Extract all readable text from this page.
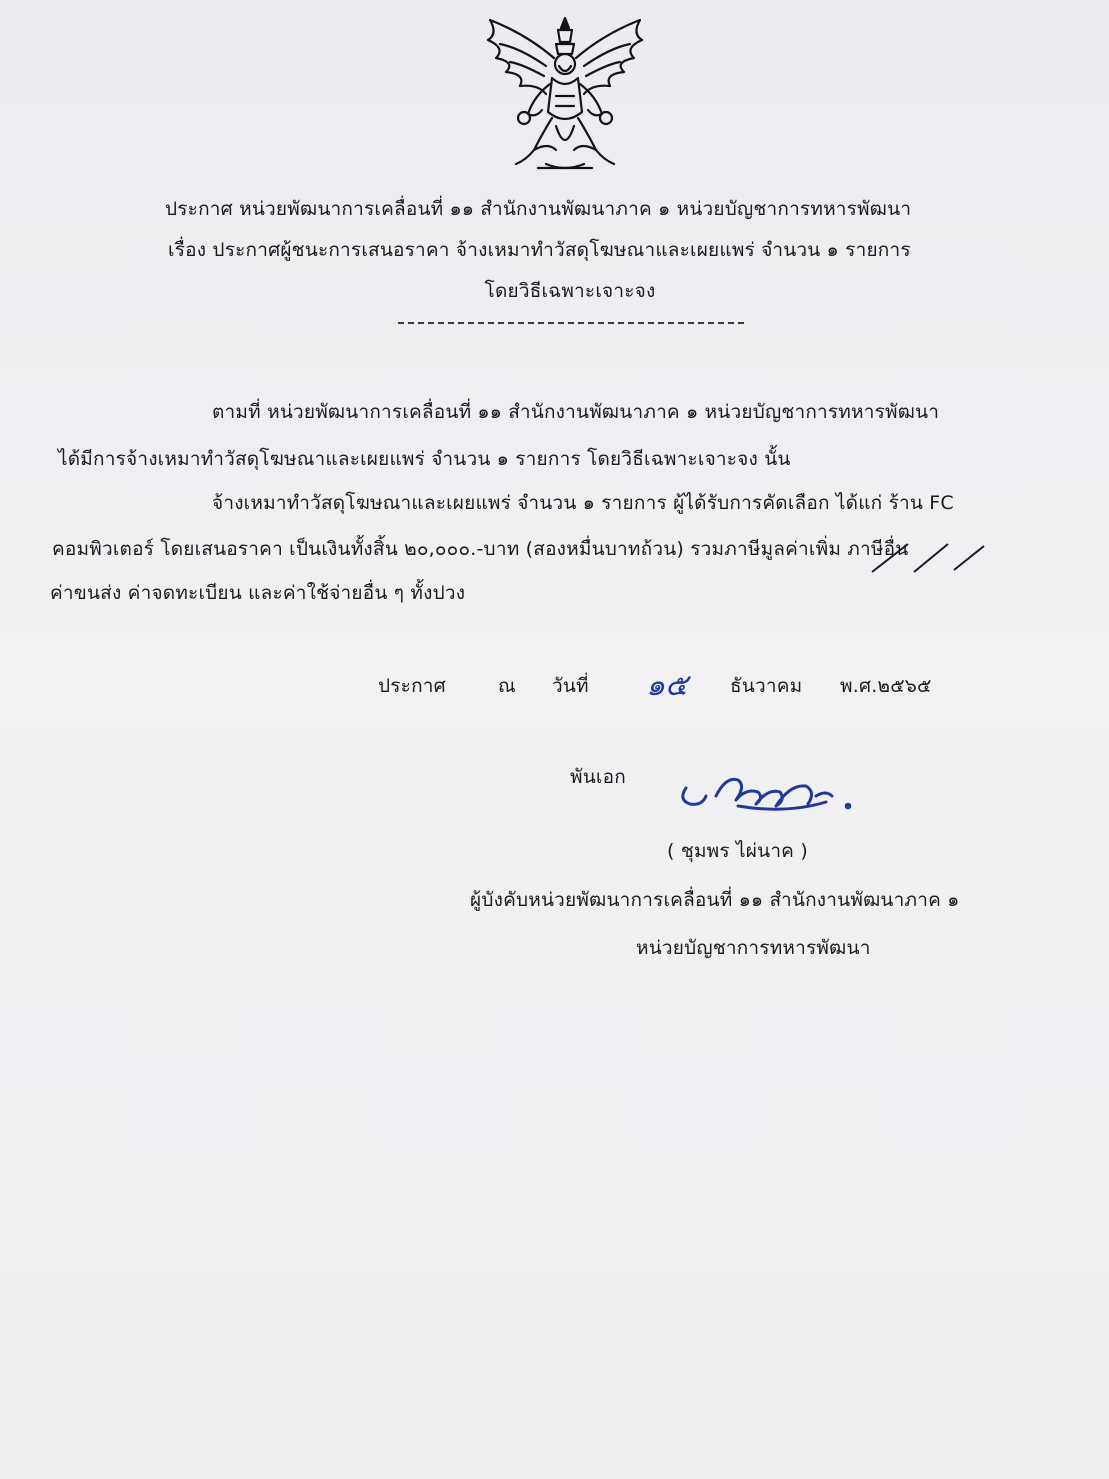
ประกาศ หน่วยพัฒนาการเคลื่อนที่ ๑๑ สำนักงานพัฒนาภาค ๑ หน่วยบัญชาการทหารพัฒนา
เรื่อง ประกาศผู้ชนะการเสนอราคา จ้างเหมาทำวัสดุโฆษณาและเผยแพร่ จำนวน ๑ รายการ
โดยวิธีเฉพาะเจาะจง
ตามที่ หน่วยพัฒนาการเคลื่อนที่ ๑๑ สำนักงานพัฒนาภาค ๑ หน่วยบัญชาการทหารพัฒนา
ได้มีการจ้างเหมาทำวัสดุโฆษณาและเผยแพร่ จำนวน ๑ รายการ โดยวิธีเฉพาะเจาะจง นั้น
จ้างเหมาทำวัสดุโฆษณาและเผยแพร่ จำนวน ๑ รายการ ผู้ได้รับการคัดเลือก ได้แก่ ร้าน FC
คอมพิวเตอร์ โดยเสนอราคา เป็นเงินทั้งสิ้น ๒๐,๐๐๐.-บาท (สองหมื่นบาทถ้วน) รวมภาษีมูลค่าเพิ่ม ภาษีอื่น
ค่าขนส่ง ค่าจดทะเบียน และค่าใช้จ่ายอื่น ๆ ทั้งปวง
ประกาศ	ณ วันที่ ๑๕ ธันวาคม พ.ศ.๒๕๖๕
พันเอก
( ชุมพร ไผ่นาค )
ผู้บังคับหน่วยพัฒนาการเคลื่อนที่ ๑๑ สำนักงานพัฒนาภาค ๑
หน่วยบัญชาการทหารพัฒนา
